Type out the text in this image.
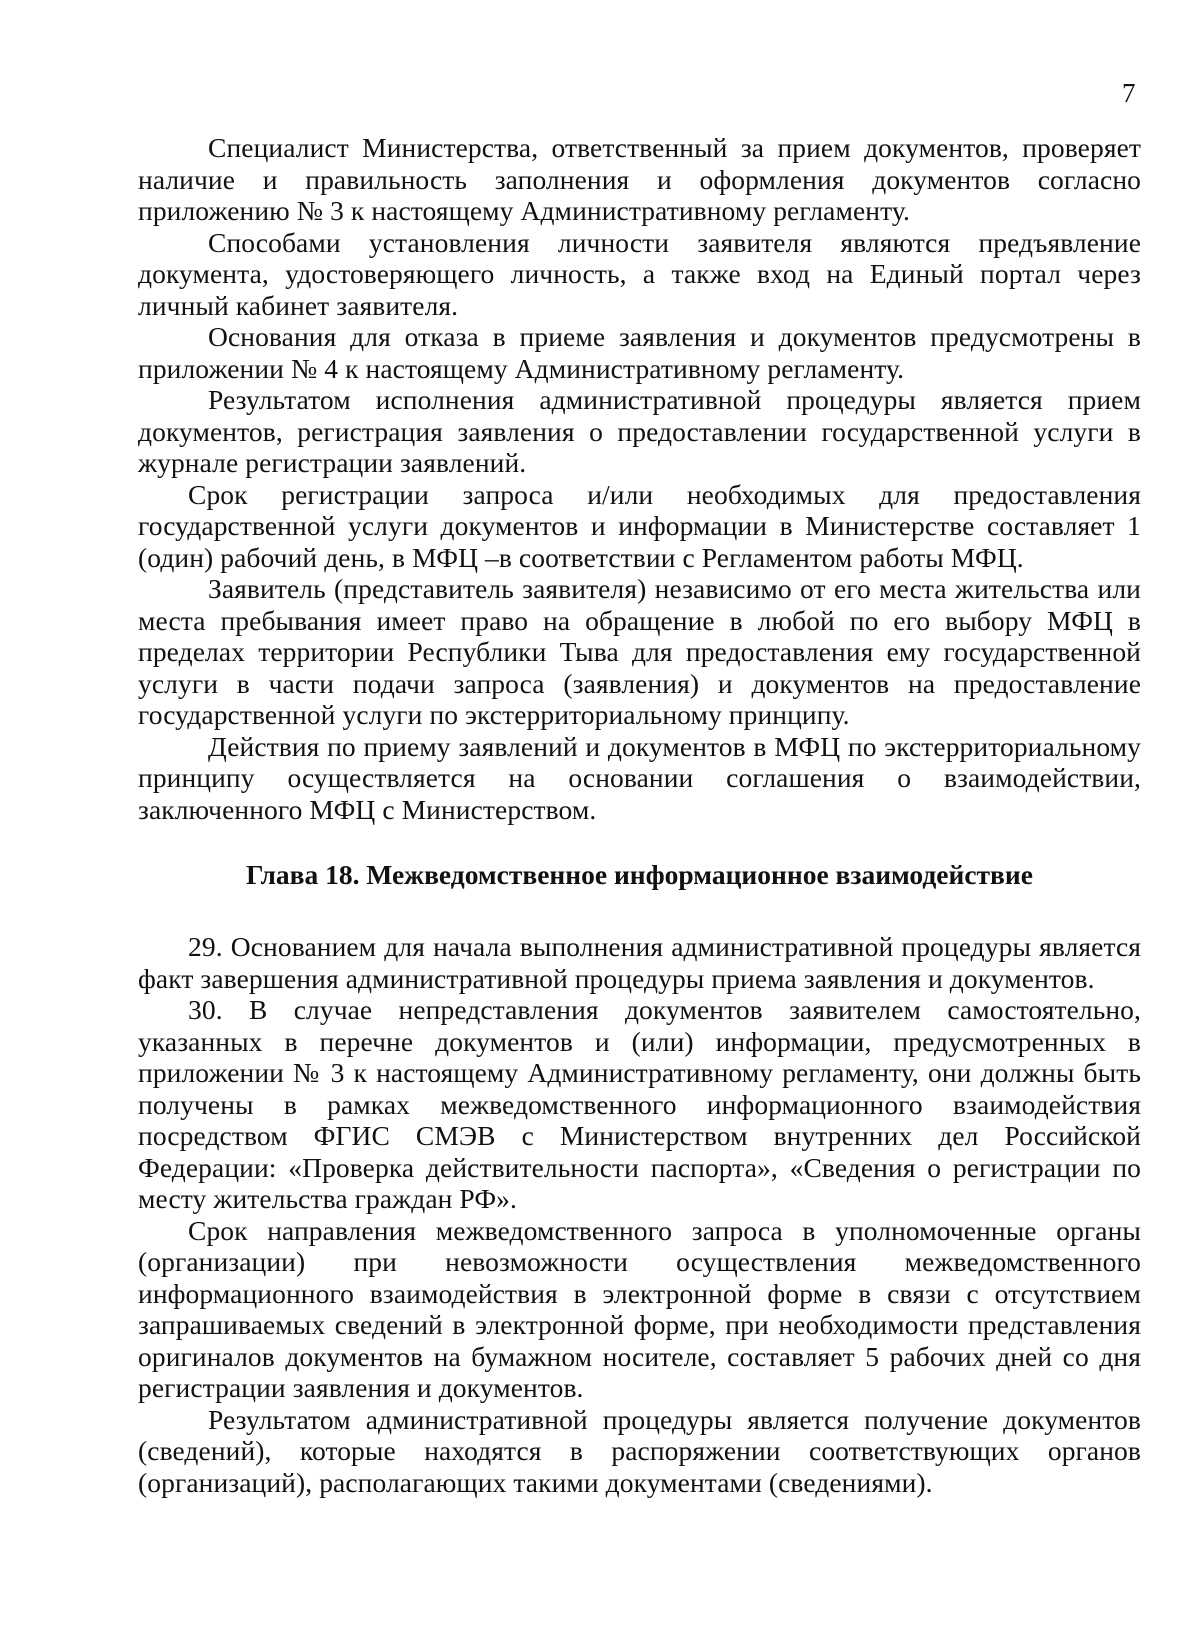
7

Специалист Министерства, ответственный за прием документов, проверяет наличие и правильность заполнения и оформления документов согласно приложению № 3 к настоящему Административному регламенту.

Способами установления личности заявителя являются предъявление документа, удостоверяющего личность, а также вход на Единый портал через личный кабинет заявителя.

Основания для отказа в приеме заявления и документов предусмотрены в приложении № 4 к настоящему Административному регламенту.

Результатом исполнения административной процедуры является прием документов, регистрация заявления о предоставлении государственной услуги в журнале регистрации заявлений.

Срок регистрации запроса и/или необходимых для предоставления государственной услуги документов и информации в Министерстве составляет 1 (один) рабочий день, в МФЦ –в соответствии с Регламентом работы МФЦ.

Заявитель (представитель заявителя) независимо от его места жительства или места пребывания имеет право на обращение в любой по его выбору МФЦ в пределах территории Республики Тыва для предоставления ему государственной услуги в части подачи запроса (заявления) и документов на предоставление государственной услуги по экстерриториальному принципу.

Действия по приему заявлений и документов в МФЦ по экстерриториальному принципу осуществляется на основании соглашения о взаимодействии, заключенного МФЦ с Министерством.

Глава 18. Межведомственное информационное взаимодействие

29. Основанием для начала выполнения административной процедуры является факт завершения административной процедуры приема заявления и документов.

30. В случае непредставления документов заявителем самостоятельно, указанных в перечне документов и (или) информации, предусмотренных в приложении № 3 к настоящему Административному регламенту, они должны быть получены в рамках межведомственного информационного взаимодействия посредством ФГИС СМЭВ с Министерством внутренних дел Российской Федерации: «Проверка действительности паспорта», «Сведения о регистрации по месту жительства граждан РФ».

Срок направления межведомственного запроса в уполномоченные органы (организации) при невозможности осуществления межведомственного информационного взаимодействия в электронной форме в связи с отсутствием запрашиваемых сведений в электронной форме, при необходимости представления оригиналов документов на бумажном носителе, составляет 5 рабочих дней со дня регистрации заявления и документов.

Результатом административной процедуры является получение документов (сведений), которые находятся в распоряжении соответствующих органов (организаций), располагающих такими документами (сведениями).
